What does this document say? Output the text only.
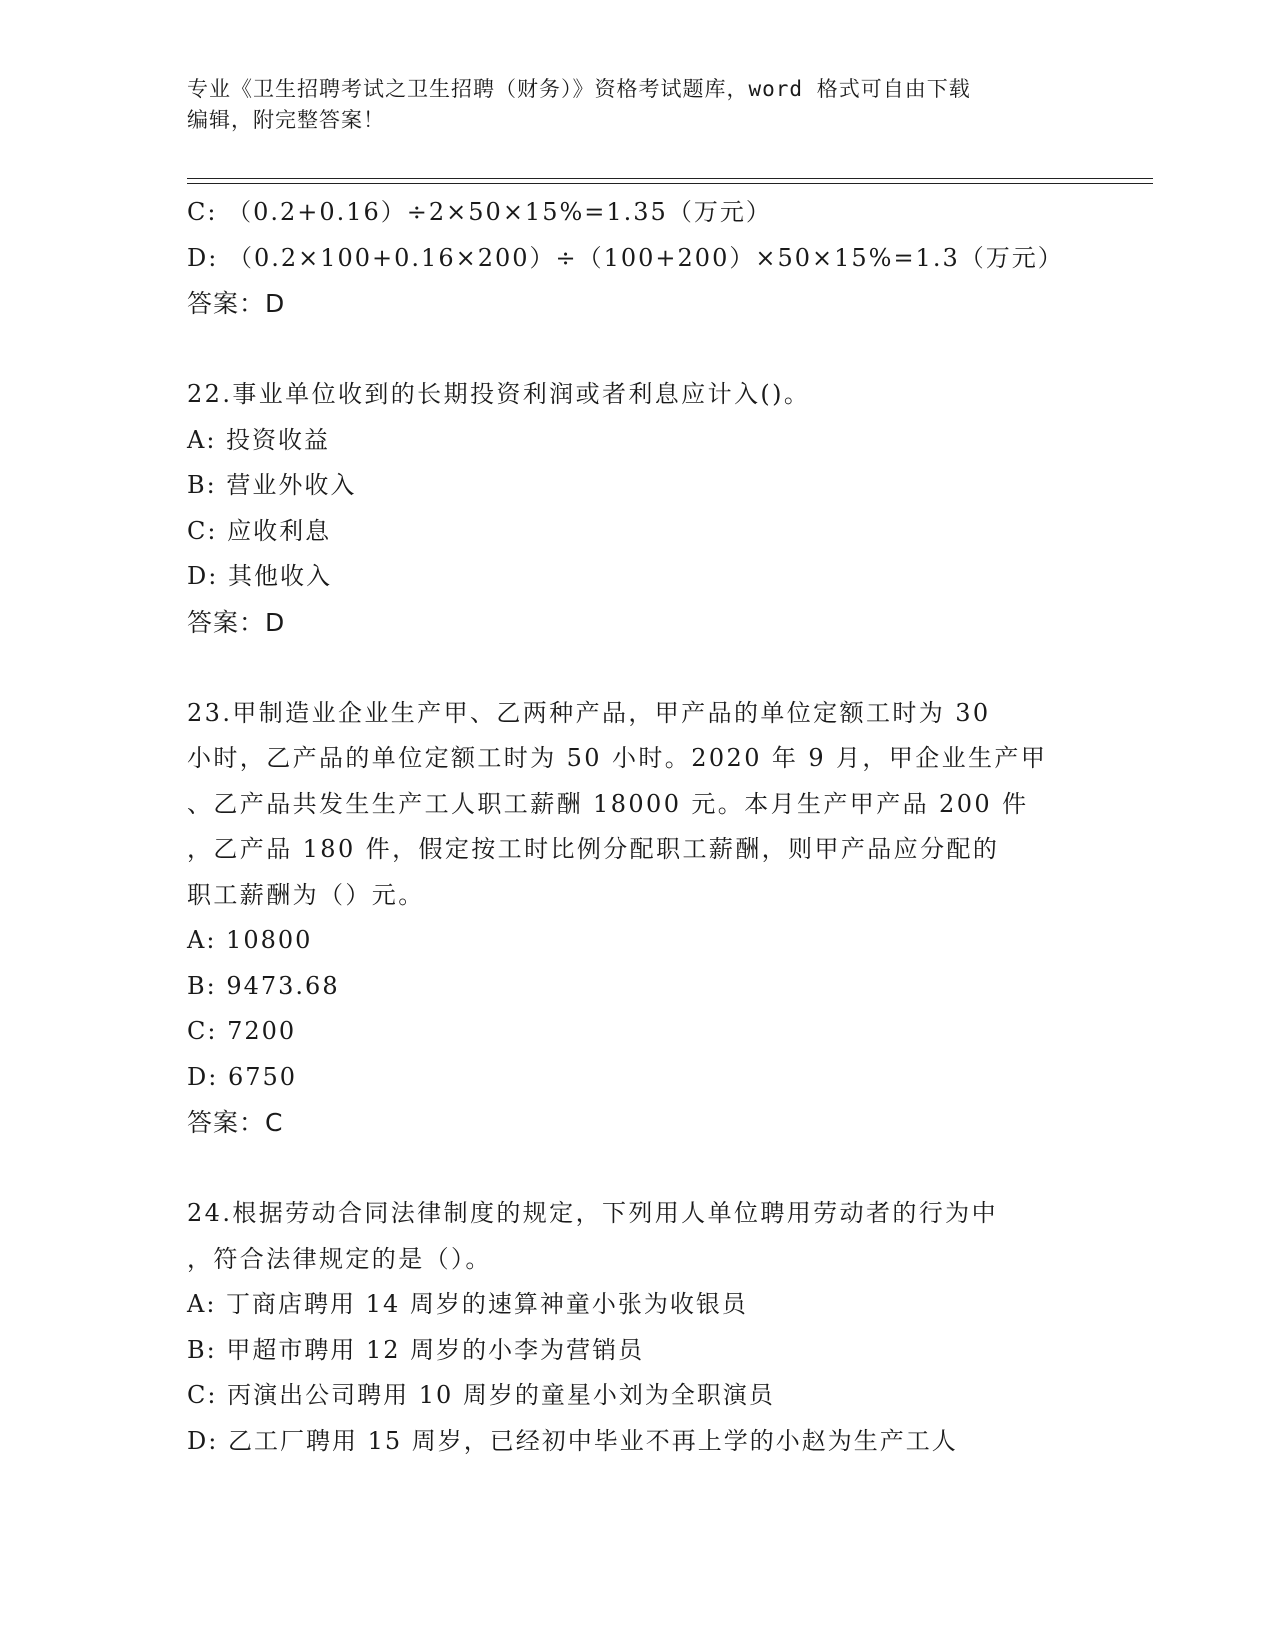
专业《卫生招聘考试之卫生招聘（财务）》资格考试题库，word 格式可自由下载
编辑，附完整答案！
C: （0.2+0.16）÷2×50×15%=1.35（万元）
D: （0.2×100+0.16×200）÷（100+200）×50×15%=1.3（万元）
答案：D
22.事业单位收到的长期投资利润或者利息应计入()。
A: 投资收益
B: 营业外收入
C: 应收利息
D: 其他收入
答案：D
23.甲制造业企业生产甲、乙两种产品，甲产品的单位定额工时为 30
小时，乙产品的单位定额工时为 50 小时。2020 年 9 月，甲企业生产甲
、乙产品共发生生产工人职工薪酬 18000 元。本月生产甲产品 200 件
，乙产品 180 件，假定按工时比例分配职工薪酬，则甲产品应分配的
职工薪酬为（）元。
A: 10800
B: 9473.68
C: 7200
D: 6750
答案：C
24.根据劳动合同法律制度的规定，下列用人单位聘用劳动者的行为中
，符合法律规定的是（）。
A: 丁商店聘用 14 周岁的速算神童小张为收银员
B: 甲超市聘用 12 周岁的小李为营销员
C: 丙演出公司聘用 10 周岁的童星小刘为全职演员
D: 乙工厂聘用 15 周岁，已经初中毕业不再上学的小赵为生产工人
